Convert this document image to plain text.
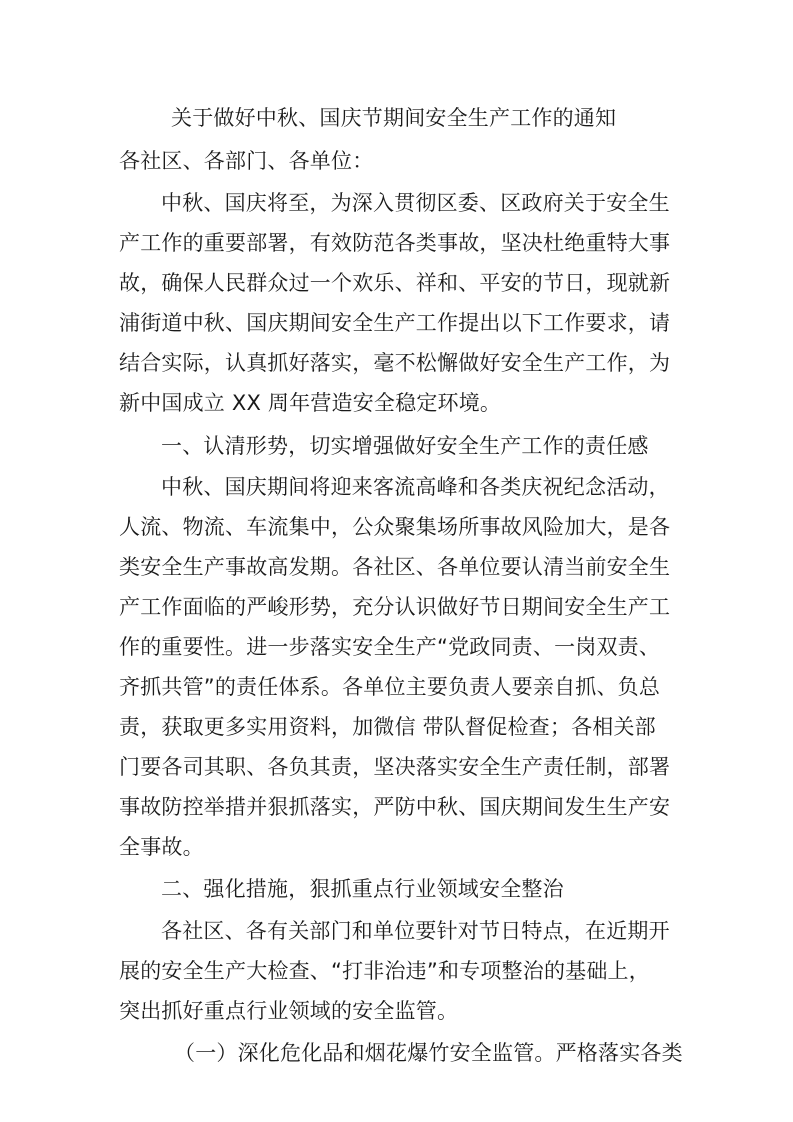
关于做好中秋、国庆节期间安全生产工作的通知
各社区、各部门、各单位：
中秋、国庆将至，为深入贯彻区委、区政府关于安全生
产工作的重要部署，有效防范各类事故，坚决杜绝重特大事
故，确保人民群众过一个欢乐、祥和、平安的节日，现就新
浦街道中秋、国庆期间安全生产工作提出以下工作要求，请
结合实际，认真抓好落实，毫不松懈做好安全生产工作，为
新中国成立 XX 周年营造安全稳定环境。
一、认清形势，切实增强做好安全生产工作的责任感
中秋、国庆期间将迎来客流高峰和各类庆祝纪念活动，
人流、物流、车流集中，公众聚集场所事故风险加大，是各
类安全生产事故高发期。各社区、各单位要认清当前安全生
产工作面临的严峻形势，充分认识做好节日期间安全生产工
作的重要性。进一步落实安全生产“党政同责、一岗双责、
齐抓共管”的责任体系。各单位主要负责人要亲自抓、负总
责，获取更多实用资料，加微信 带队督促检查；各相关部
门要各司其职、各负其责，坚决落实安全生产责任制，部署
事故防控举措并狠抓落实，严防中秋、国庆期间发生生产安
全事故。
二、强化措施，狠抓重点行业领域安全整治
各社区、各有关部门和单位要针对节日特点，在近期开
展的安全生产大检查、“打非治违”和专项整治的基础上，
突出抓好重点行业领域的安全监管。
（一）深化危化品和烟花爆竹安全监管。严格落实各类
